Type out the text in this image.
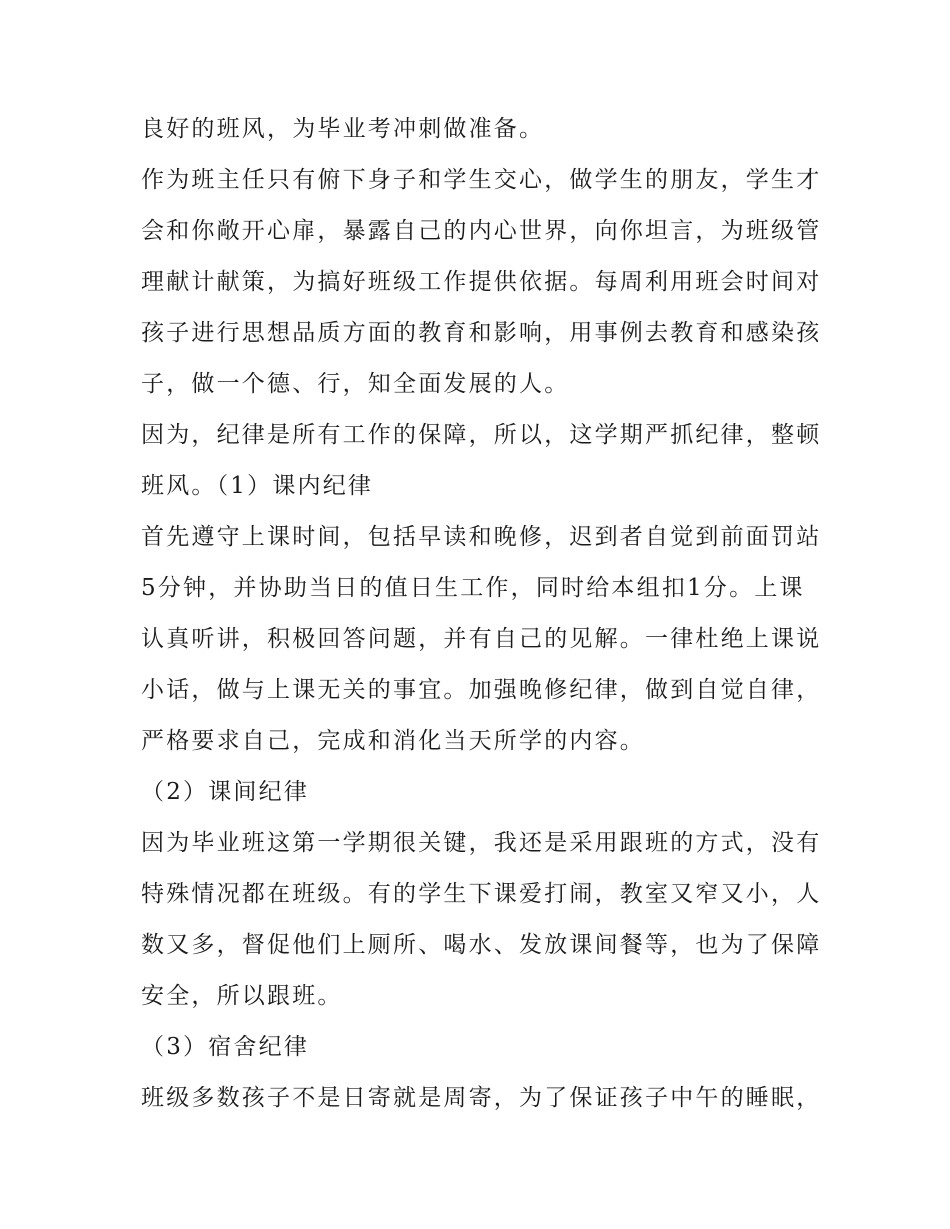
良好的班风，为毕业考冲刺做准备。
作为班主任只有俯下身子和学生交心，做学生的朋友，学生才
会和你敞开心扉，暴露自己的内心世界，向你坦言，为班级管
理献计献策，为搞好班级工作提供依据。每周利用班会时间对
孩子进行思想品质方面的教育和影响，用事例去教育和感染孩
子，做一个德、行，知全面发展的人。
因为，纪律是所有工作的保障，所以，这学期严抓纪律，整顿
班风。（1）课内纪律
首先遵守上课时间，包括早读和晚修，迟到者自觉到前面罚站
5分钟，并协助当日的值日生工作，同时给本组扣1分。上课
认真听讲，积极回答问题，并有自己的见解。一律杜绝上课说
小话，做与上课无关的事宜。加强晚修纪律，做到自觉自律，
严格要求自己，完成和消化当天所学的内容。
（2）课间纪律
因为毕业班这第一学期很关键，我还是采用跟班的方式，没有
特殊情况都在班级。有的学生下课爱打闹，教室又窄又小，人
数又多，督促他们上厕所、喝水、发放课间餐等，也为了保障
安全，所以跟班。
（3）宿舍纪律
班级多数孩子不是日寄就是周寄，为了保证孩子中午的睡眠，
